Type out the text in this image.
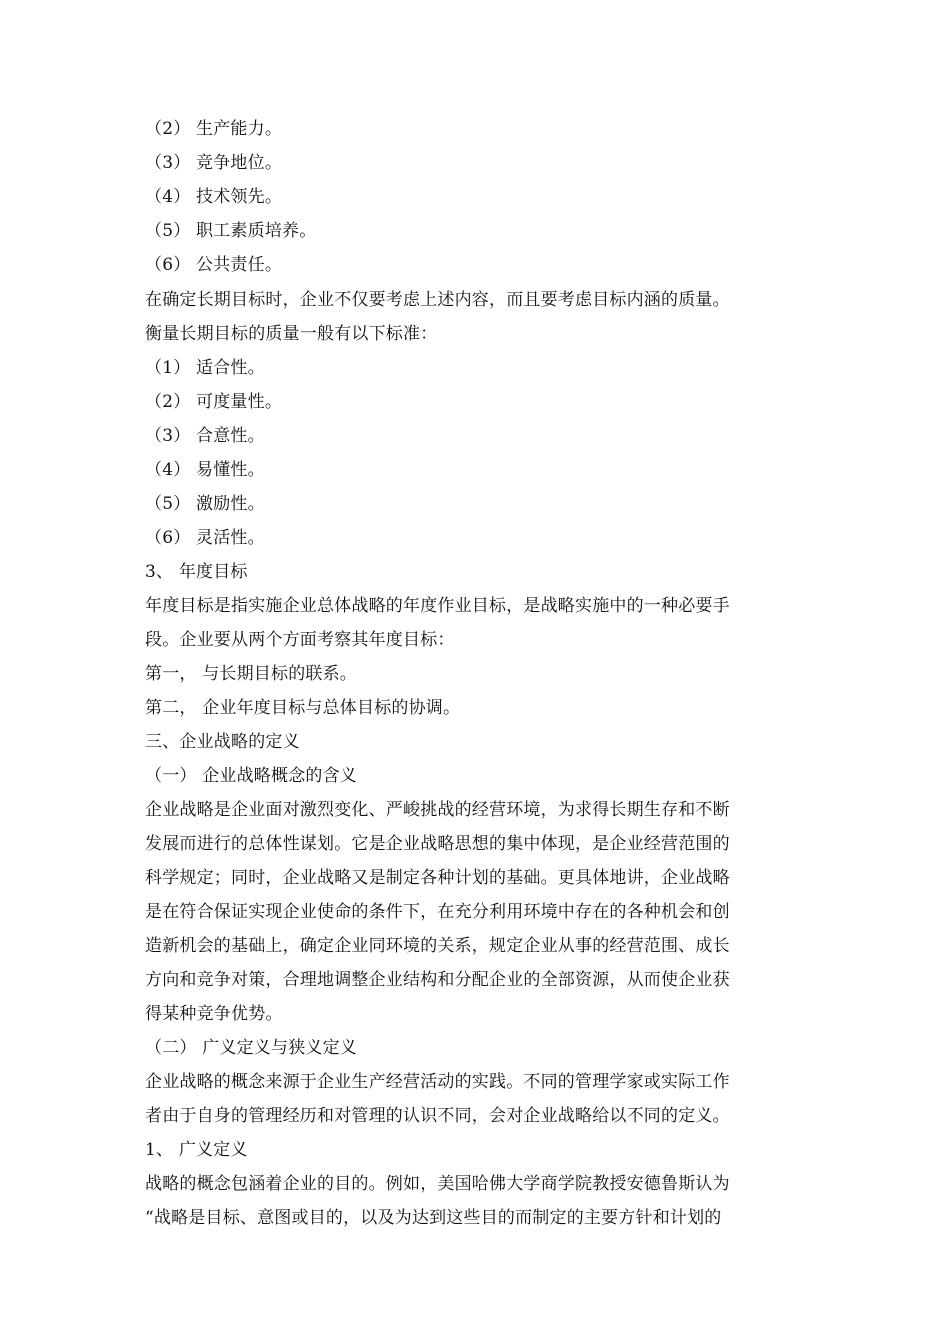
（2） 生产能力。
（3） 竞争地位。
（4） 技术领先。
（5） 职工素质培养。
（6） 公共责任。
在确定长期目标时，企业不仅要考虑上述内容，而且要考虑目标内涵的质量。
衡量长期目标的质量一般有以下标准：
（1） 适合性。
（2） 可度量性。
（3） 合意性。
（4） 易懂性。
（5） 激励性。
（6） 灵活性。
3、 年度目标
年度目标是指实施企业总体战略的年度作业目标，是战略实施中的一种必要手
段。企业要从两个方面考察其年度目标：
第一， 与长期目标的联系。
第二， 企业年度目标与总体目标的协调。
三、企业战略的定义
（一） 企业战略概念的含义
企业战略是企业面对激烈变化、严峻挑战的经营环境，为求得长期生存和不断
发展而进行的总体性谋划。它是企业战略思想的集中体现，是企业经营范围的
科学规定；同时，企业战略又是制定各种计划的基础。更具体地讲，企业战略
是在符合保证实现企业使命的条件下，在充分利用环境中存在的各种机会和创
造新机会的基础上，确定企业同环境的关系，规定企业从事的经营范围、成长
方向和竞争对策，合理地调整企业结构和分配企业的全部资源，从而使企业获
得某种竞争优势。
（二） 广义定义与狭义定义
企业战略的概念来源于企业生产经营活动的实践。不同的管理学家或实际工作
者由于自身的管理经历和对管理的认识不同，会对企业战略给以不同的定义。
1、 广义定义
战略的概念包涵着企业的目的。例如，美国哈佛大学商学院教授安德鲁斯认为
“战略是目标、意图或目的，以及为达到这些目的而制定的主要方针和计划的
